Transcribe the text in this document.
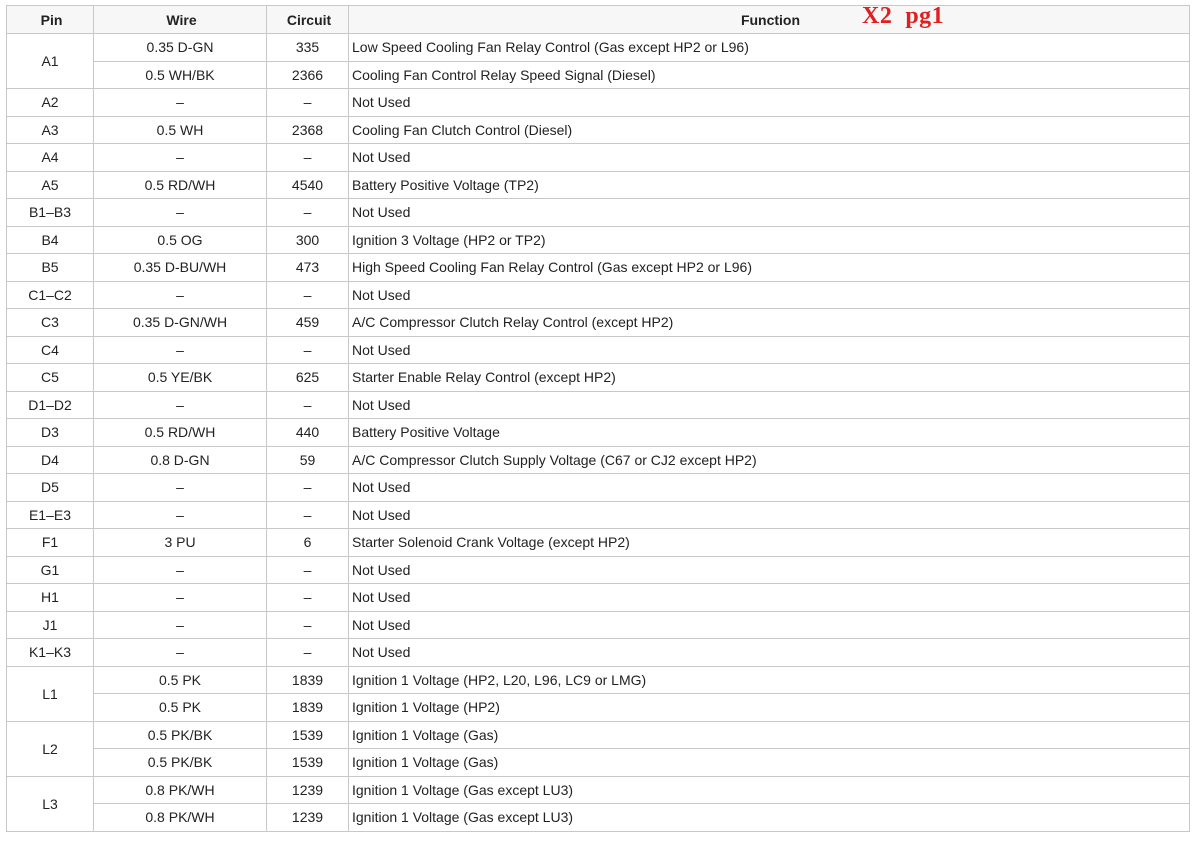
Pin	Wire	Circuit	Function
A1	0.35 D-GN	335	Low Speed Cooling Fan Relay Control (Gas except HP2 or L96)
	0.5 WH/BK	2366	Cooling Fan Control Relay Speed Signal (Diesel)
A2	–	–	Not Used
A3	0.5 WH	2368	Cooling Fan Clutch Control (Diesel)
A4	–	–	Not Used
A5	0.5 RD/WH	4540	Battery Positive Voltage (TP2)
B1–B3	–	–	Not Used
B4	0.5 OG	300	Ignition 3 Voltage (HP2 or TP2)
B5	0.35 D-BU/WH	473	High Speed Cooling Fan Relay Control (Gas except HP2 or L96)
C1–C2	–	–	Not Used
C3	0.35 D-GN/WH	459	A/C Compressor Clutch Relay Control (except HP2)
C4	–	–	Not Used
C5	0.5 YE/BK	625	Starter Enable Relay Control (except HP2)
D1–D2	–	–	Not Used
D3	0.5 RD/WH	440	Battery Positive Voltage
D4	0.8 D-GN	59	A/C Compressor Clutch Supply Voltage (C67 or CJ2 except HP2)
D5	–	–	Not Used
E1–E3	–	–	Not Used
F1	3 PU	6	Starter Solenoid Crank Voltage (except HP2)
G1	–	–	Not Used
H1	–	–	Not Used
J1	–	–	Not Used
K1–K3	–	–	Not Used
L1	0.5 PK	1839	Ignition 1 Voltage (HP2, L20, L96, LC9 or LMG)
	0.5 PK	1839	Ignition 1 Voltage (HP2)
L2	0.5 PK/BK	1539	Ignition 1 Voltage (Gas)
	0.5 PK/BK	1539	Ignition 1 Voltage (Gas)
L3	0.8 PK/WH	1239	Ignition 1 Voltage (Gas except LU3)
	0.8 PK/WH	1239	Ignition 1 Voltage (Gas except LU3)
X2  pg1
